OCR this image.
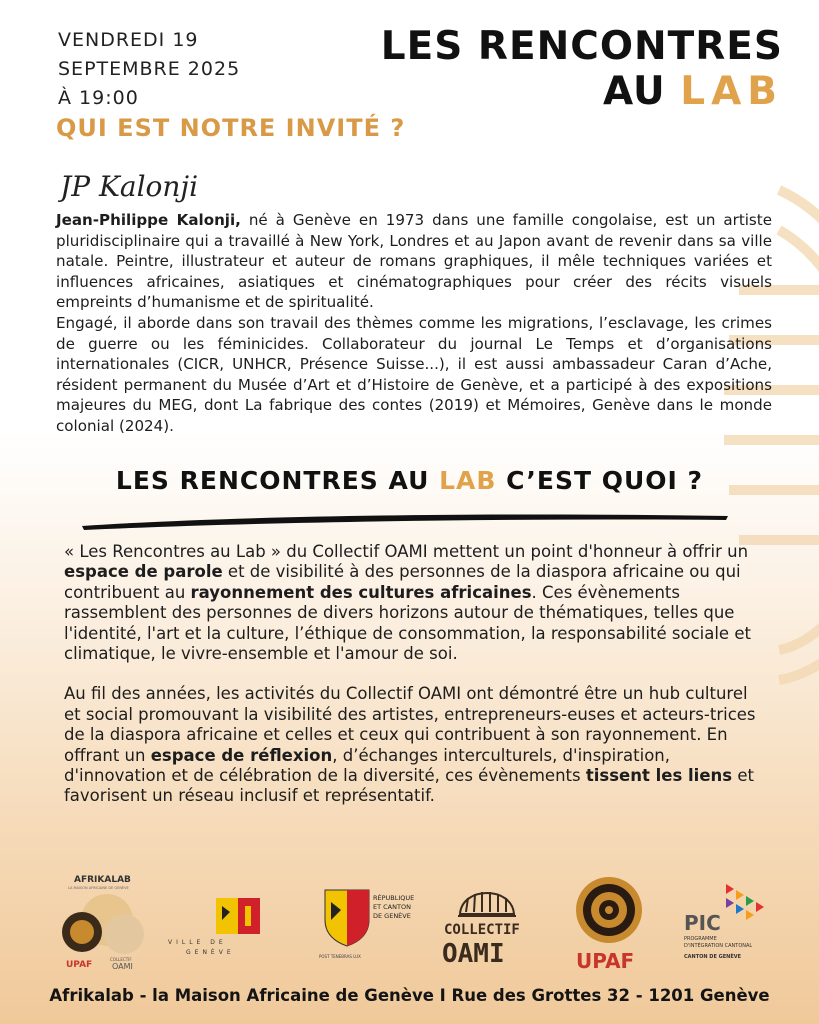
VENDREDI 19
SEPTEMBRE 2025
À 19:00
LES RENCONTRES
AU LAB
QUI EST NOTRE INVITÉ ?
JP Kalonji

Jean-Philippe Kalonji, né à Genève en 1973 dans une famille congolaise, est un artiste pluridisciplinaire qui a travaillé à New York, Londres et au Japon avant de revenir dans sa ville natale. Peintre, illustrateur et auteur de romans graphiques, il mêle techniques variées et influences africaines, asiatiques et cinématographiques pour créer des récits visuels empreints d’humanisme et de spiritualité.

Engagé, il aborde dans son travail des thèmes comme les migrations, l’esclavage, les crimes de guerre ou les féminicides. Collaborateur du journal Le Temps et d’organisations internationales (CICR, UNHCR, Présence Suisse...), il est aussi ambassadeur Caran d’Ache, résident permanent du Musée d’Art et d’Histoire de Genève, et a participé à des expositions majeures du MEG, dont La fabrique des contes (2019) et Mémoires, Genève dans le monde colonial (2024).

LES RENCONTRES AU LAB C’EST QUOI ?

« Les Rencontres au Lab » du Collectif OAMI mettent un point d'honneur à offrir un espace de parole et de visibilité à des personnes de la diaspora africaine ou qui contribuent au rayonnement des cultures africaines. Ces évènements rassemblent des personnes de divers horizons autour de thématiques, telles que l'identité, l'art et la culture, l’éthique de consommation, la responsabilité sociale et climatique, le vivre-ensemble et l'amour de soi.

Au fil des années, les activités du Collectif OAMI ont démontré être un hub culturel et social promouvant la visibilité des artistes, entrepreneurs-euses et acteurs-trices de la diaspora africaine et celles et ceux qui contribuent à son rayonnement. En offrant un espace de réflexion, d’échanges interculturels, d'inspiration, d'innovation et de célébration de la diversité, ces évènements tissent les liens et favorisent un réseau inclusif et représentatif.

AFRIKALAB
LA MAISON AFRICAINE DE GENÈVE
UPAF
COLLECTIF
OAMI
VILLE DE
GENÈVE
RÉPUBLIQUE
ET CANTON
DE GENÈVE
POST TENEBRAS LUX
COLLECTIF
OAMI	UPAF
PIC
PROGRAMME
D'INTÉGRATION CANTONAL
CANTON DE GENÈVE
Afrikalab - la Maison Africaine de Genève I Rue des Grottes 32 - 1201 Genève
